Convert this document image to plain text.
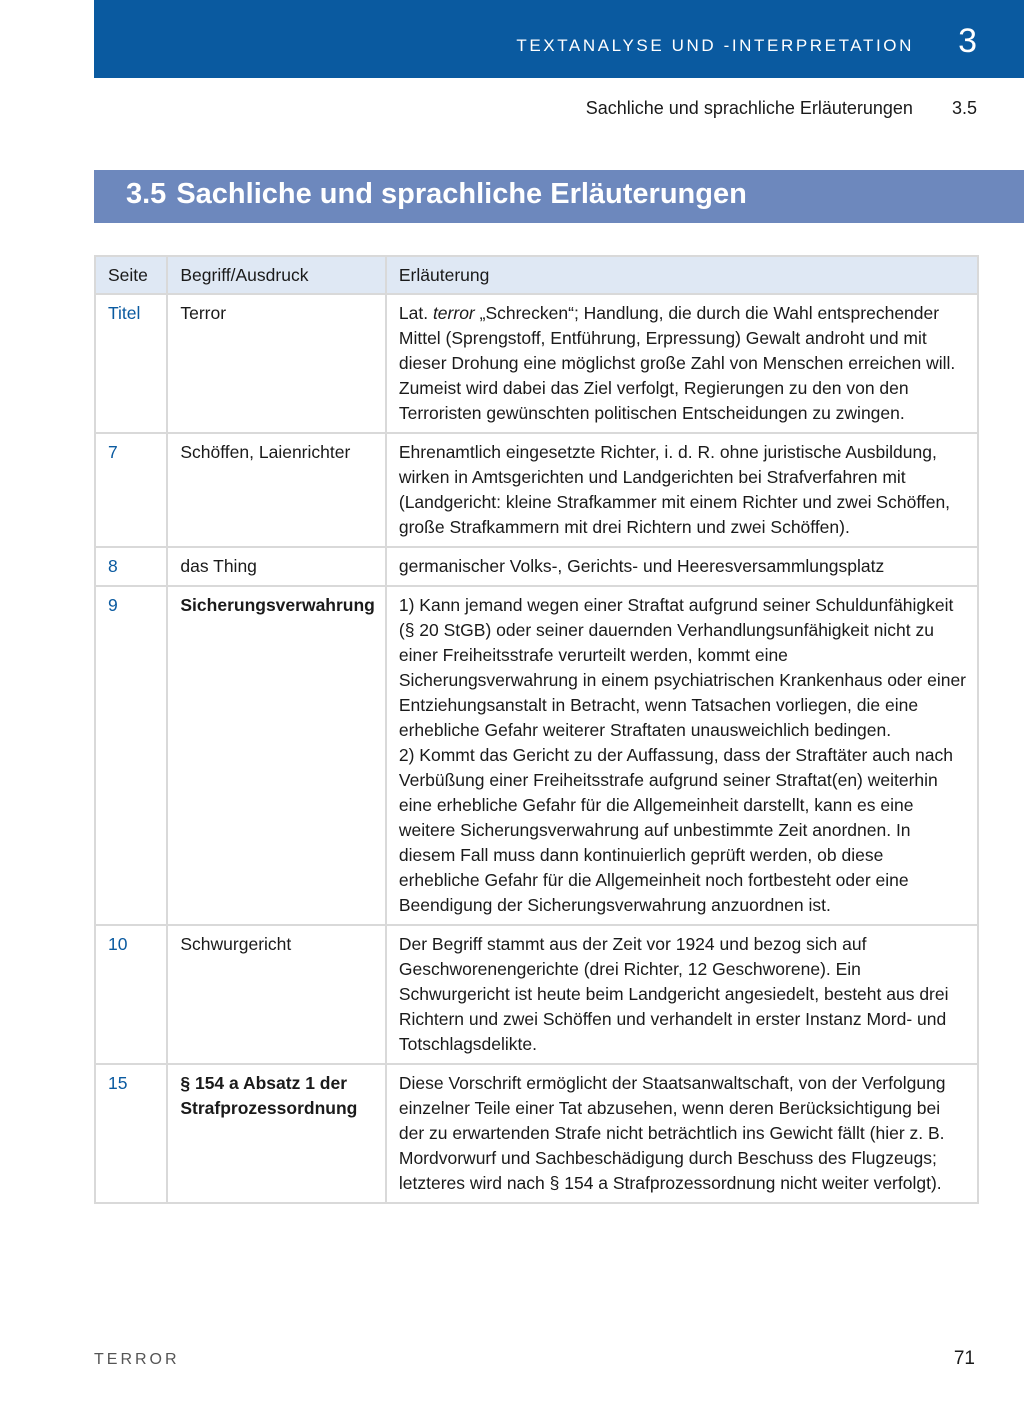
TEXTANALYSE UND -INTERPRETATION 3
Sachliche und sprachliche Erläuterungen 3.5
3.5 Sachliche und sprachliche Erläuterungen
Seite	Begriff/Ausdruck	Erläuterung
Titel	Terror	Lat. terror „Schrecken“; Handlung, die durch die Wahl entsprechender Mittel (Sprengstoff, Entführung, Erpressung) Gewalt androht und mit dieser Drohung eine möglichst große Zahl von Menschen erreichen will. Zumeist wird dabei das Ziel verfolgt, Regierungen zu den von den Terroristen gewünschten politischen Entscheidungen zu zwingen.
7	Schöffen, Laienrichter	Ehrenamtlich eingesetzte Richter, i. d. R. ohne juristische Ausbildung, wirken in Amtsgerichten und Landgerichten bei Strafverfahren mit (Landgericht: kleine Strafkammer mit einem Richter und zwei Schöffen, große Strafkammern mit drei Richtern und zwei Schöffen).
8	das Thing	germanischer Volks-, Gerichts- und Heeresversammlungsplatz
9	Sicherungsverwahrung	1) Kann jemand wegen einer Straftat aufgrund seiner Schuldunfähigkeit (§ 20 StGB) oder seiner dauernden Verhandlungsunfähigkeit nicht zu einer Freiheitsstrafe verurteilt werden, kommt eine Sicherungsverwahrung in einem psychiatrischen Krankenhaus oder einer Entziehungsanstalt in Betracht, wenn Tatsachen vorliegen, die eine erhebliche Gefahr weiterer Straftaten unausweichlich bedingen.
2) Kommt das Gericht zu der Auffassung, dass der Straftäter auch nach Verbüßung einer Freiheitsstrafe aufgrund seiner Straftat(en) weiterhin eine erhebliche Gefahr für die Allgemeinheit darstellt, kann es eine weitere Sicherungsverwahrung auf unbestimmte Zeit anordnen. In diesem Fall muss dann kontinuierlich geprüft werden, ob diese erhebliche Gefahr für die Allgemeinheit noch fortbesteht oder eine Beendigung der Sicherungsverwahrung anzuordnen ist.

10	Schwurgericht	Der Begriff stammt aus der Zeit vor 1924 und bezog sich auf Geschworenengerichte (drei Richter, 12 Geschworene). Ein Schwurgericht ist heute beim Landgericht angesiedelt, besteht aus drei Richtern und zwei Schöffen und verhandelt in erster Instanz Mord- und Totschlagsdelikte.
15	§ 154 a Absatz 1 der Strafprozessordnung	Diese Vorschrift ermöglicht der Staatsanwaltschaft, von der Verfolgung einzelner Teile einer Tat abzusehen, wenn deren Berücksichtigung bei der zu erwartenden Strafe nicht beträchtlich ins Gewicht fällt (hier z. B. Mordvorwurf und Sachbeschädigung durch Beschuss des Flugzeugs; letzteres wird nach § 154 a Strafprozessordnung nicht weiter verfolgt).
TERROR	71
